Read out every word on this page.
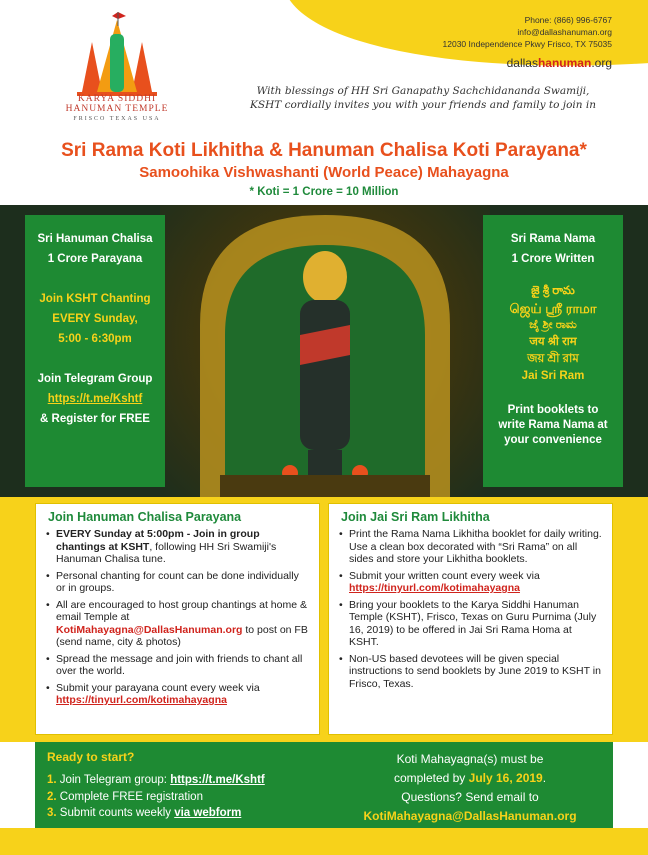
Phone: (866) 996-6767
info@dallashanuman.org
12030 Independence Pkwy Frisco, TX 75035
dallashanuman.org
KARYA SIDDHI
HANUMAN TEMPLE
FRISCO TEXAS USA
With blessings of HH Sri Ganapathy Sachchidananda Swamiji,
KSHT cordially invites you with your friends and family to join in
Sri Rama Koti Likhitha & Hanuman Chalisa Koti Parayana*
Samoohika Vishwashanti (World Peace) Mahayagna
* Koti = 1 Crore = 10 Million
Sri Hanuman Chalisa
1 Crore Parayana
Join KSHT Chanting
EVERY Sunday,
5:00 - 6:30pm
Join Telegram Group
https://t.me/Kshtf
& Register for FREE
Sri Rama Nama
1 Crore Written
జై శ్రీ రామ
ஜெய் ஸ்ரீ ராமா
ಜೈ ಶ್ರೀ ರಾಮ
जय श्री राम
জয় শ্রী রাম
Jai Sri Ram
Print booklets to
write Rama Nama at
your convenience
Join Hanuman Chalisa Parayana
• EVERY Sunday at 5:00pm - Join in group chantings at KSHT, following HH Sri Swamiji's Hanuman Chalisa tune.
• Personal chanting for count can be done individually or in groups.
• All are encouraged to host group chantings at home & email Temple at KotiMahayagna@DallasHanuman.org to post on FB (send name, city & photos)
• Spread the message and join with friends to chant all over the world.
• Submit your parayana count every week via https://tinyurl.com/kotimahayagna
Join Jai Sri Ram Likhitha
• Print the Rama Nama Likhitha booklet for daily writing. Use a clean box decorated with “Sri Rama” on all sides and store your Likhitha booklets.
• Submit your written count every week via https://tinyurl.com/kotimahayagna
• Bring your booklets to the Karya Siddhi Hanuman Temple (KSHT), Frisco, Texas on Guru Purnima (July 16, 2019) to be offered in Jai Sri Rama Homa at KSHT.
• Non-US based devotees will be given special instructions to send booklets by June 2019 to KSHT in Frisco, Texas.
Ready to start?
1. Join Telegram group: https://t.me/Kshtf
2. Complete FREE registration
3. Submit counts weekly via webform
Koti Mahayagna(s) must be
completed by July 16, 2019.
Questions? Send email to
KotiMahayagna@DallasHanuman.org
